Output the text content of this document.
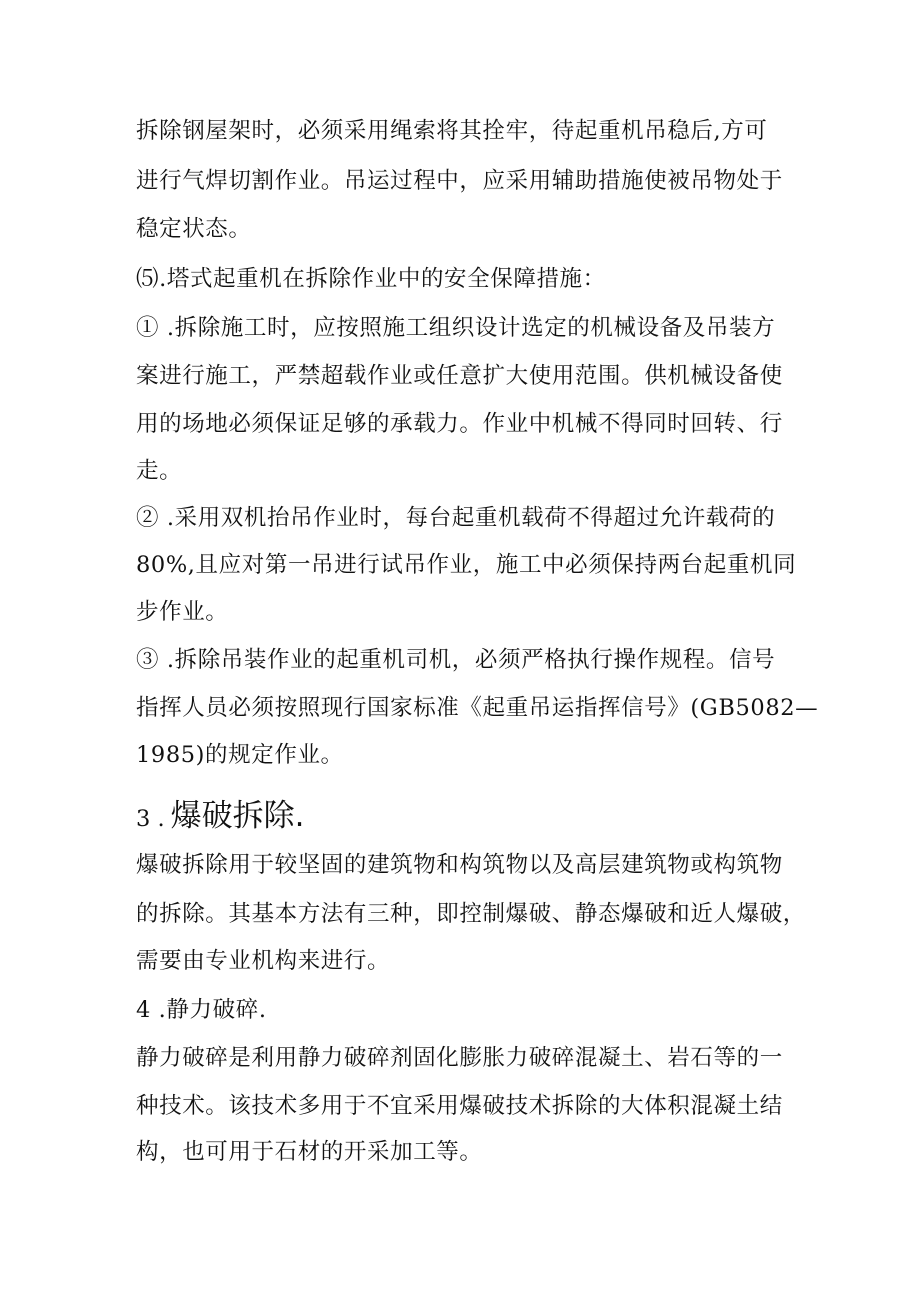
拆除钢屋架时，必须采用绳索将其拴牢，待起重机吊稳后,方可
进行气焊切割作业。吊运过程中，应采用辅助措施使被吊物处于
稳定状态。
⑸.塔式起重机在拆除作业中的安全保障措施：
① .拆除施工时，应按照施工组织设计选定的机械设备及吊装方
案进行施工，严禁超载作业或任意扩大使用范围。供机械设备使
用的场地必须保证足够的承载力。作业中机械不得同时回转、行
走。
② .采用双机抬吊作业时，每台起重机载荷不得超过允许载荷的
80%,且应对第一吊进行试吊作业，施工中必须保持两台起重机同
步作业。
③ .拆除吊装作业的起重机司机，必须严格执行操作规程。信号
指挥人员必须按照现行国家标准《起重吊运指挥信号》(GB5082—
1985)的规定作业。
3 . 爆破拆除.
爆破拆除用于较坚固的建筑物和构筑物以及高层建筑物或构筑物
的拆除。其基本方法有三种，即控制爆破、静态爆破和近人爆破，
需要由专业机构来进行。
4 .静力破碎.
静力破碎是利用静力破碎剂固化膨胀力破碎混凝土、岩石等的一
种技术。该技术多用于不宜采用爆破技术拆除的大体积混凝土结
构，也可用于石材的开采加工等。
